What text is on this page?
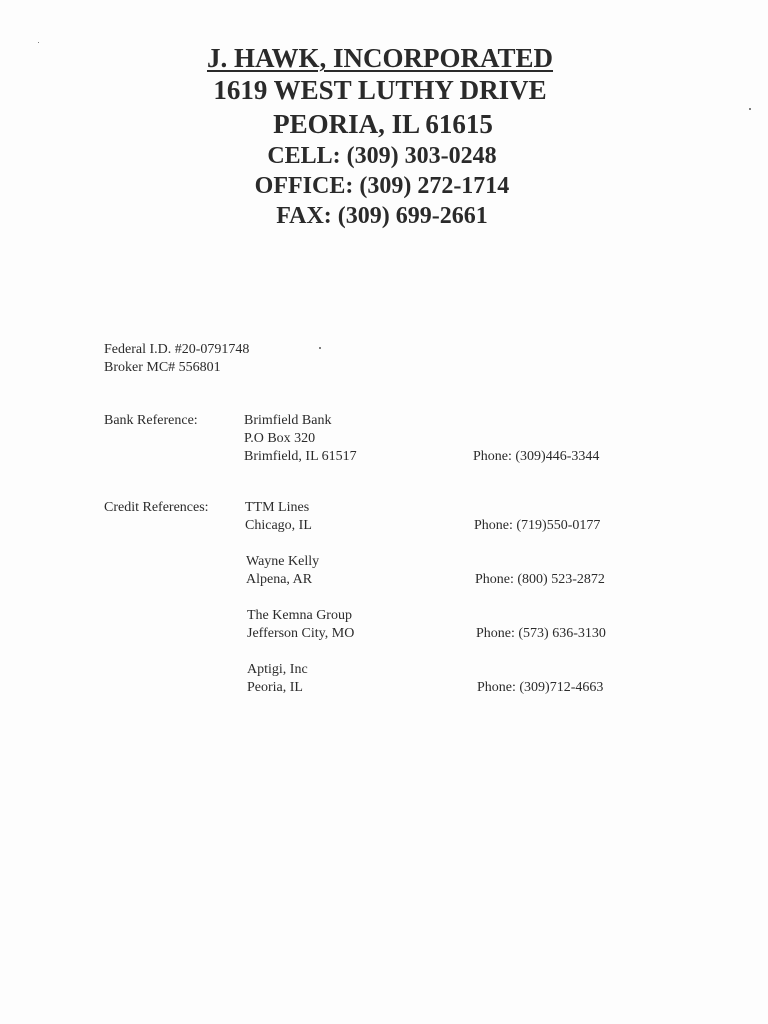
J. HAWK, INCORPORATED
1619 WEST LUTHY DRIVE
PEORIA, IL 61615
CELL: (309) 303-0248
OFFICE: (309) 272-1714
FAX: (309) 699-2661
Federal I.D. #20-0791748
Broker MC# 556801
Bank Reference:	Brimfield Bank
P.O Box 320
Brimfield, IL 61517	Phone: (309)446-3344
Credit References:	TTM Lines
Chicago, IL	Phone: (719)550-0177
Wayne Kelly
Alpena, AR	Phone: (800) 523-2872
The Kemna Group
Jefferson City, MO	Phone: (573) 636-3130
Aptigi, Inc
Peoria, IL	Phone: (309)712-4663
